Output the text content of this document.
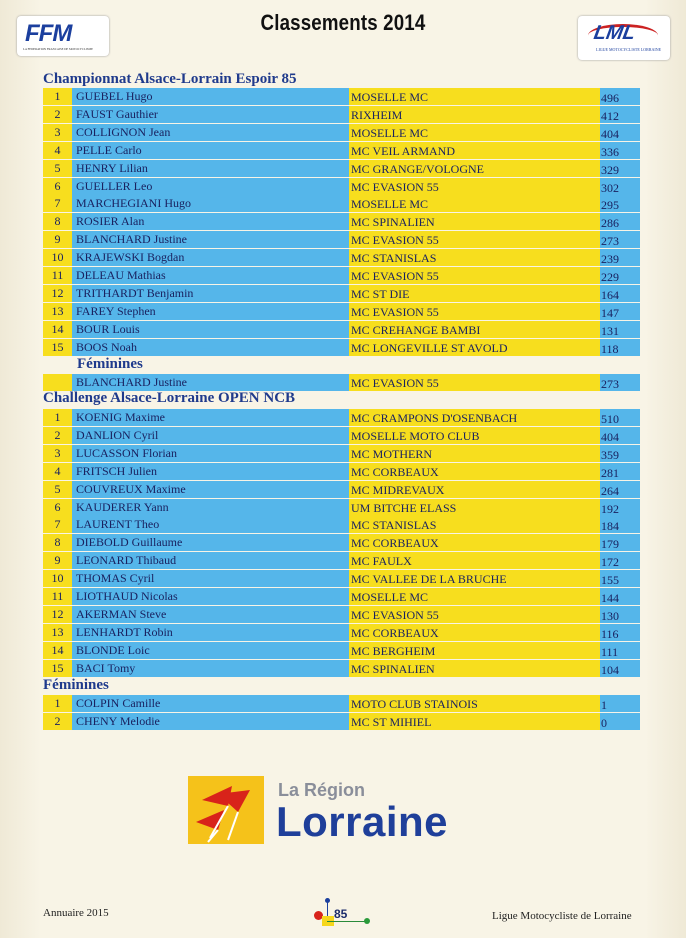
FFM
LA FEDERATION FRANCAISE DE MOTOCYCLISME
Classements 2014	LML
LIGUE MOTOCYCLISTE LORRAINE
Championnat Alsace-Lorrain Espoir 85
1	GUEBEL Hugo	MOSELLE MC	496
2	FAUST Gauthier	RIXHEIM	412
3	COLLIGNON Jean	MOSELLE MC	404
4	PELLE Carlo	MC VEIL ARMAND	336
5	HENRY Lilian	MC GRANGE/VOLOGNE	329
6	GUELLER Leo	MC EVASION 55	302
7	MARCHEGIANI Hugo	MOSELLE MC	295
8	ROSIER Alan	MC SPINALIEN	286
9	BLANCHARD Justine	MC EVASION 55	273
10	KRAJEWSKI Bogdan	MC STANISLAS	239
11	DELEAU Mathias	MC EVASION 55	229
12	TRITHARDT Benjamin	MC ST DIE	164
13	FAREY Stephen	MC EVASION 55	147
14	BOUR Louis	MC CREHANGE BAMBI	131
15	BOOS Noah	MC LONGEVILLE ST AVOLD	118
Féminines
BLANCHARD Justine	MC EVASION 55	273
Challenge Alsace-Lorraine OPEN NCB
1	KOENIG Maxime	MC CRAMPONS D'OSENBACH	510
2	DANLION Cyril	MOSELLE MOTO CLUB	404
3	LUCASSON Florian	MC MOTHERN	359
4	FRITSCH Julien	MC CORBEAUX	281
5	COUVREUX Maxime	MC MIDREVAUX	264
6	KAUDERER Yann	UM BITCHE ELASS	192
7	LAURENT Theo	MC STANISLAS	184
8	DIEBOLD Guillaume	MC CORBEAUX	179
9	LEONARD Thibaud	MC FAULX	172
10	THOMAS Cyril	MC VALLEE DE LA BRUCHE	155
11	LIOTHAUD Nicolas	MOSELLE MC	144
12	AKERMAN Steve	MC EVASION 55	130
13	LENHARDT Robin	MC CORBEAUX	116
14	BLONDE Loic	MC BERGHEIM	111
15	BACI Tomy	MC SPINALIEN	104
Féminines
1	COLPIN Camille	MOTO CLUB STAINOIS	1
2	CHENY Melodie	MC ST MIHIEL	0
La Région
Lorraine
Annuaire 2015	85	Ligue Motocycliste de Lorraine
